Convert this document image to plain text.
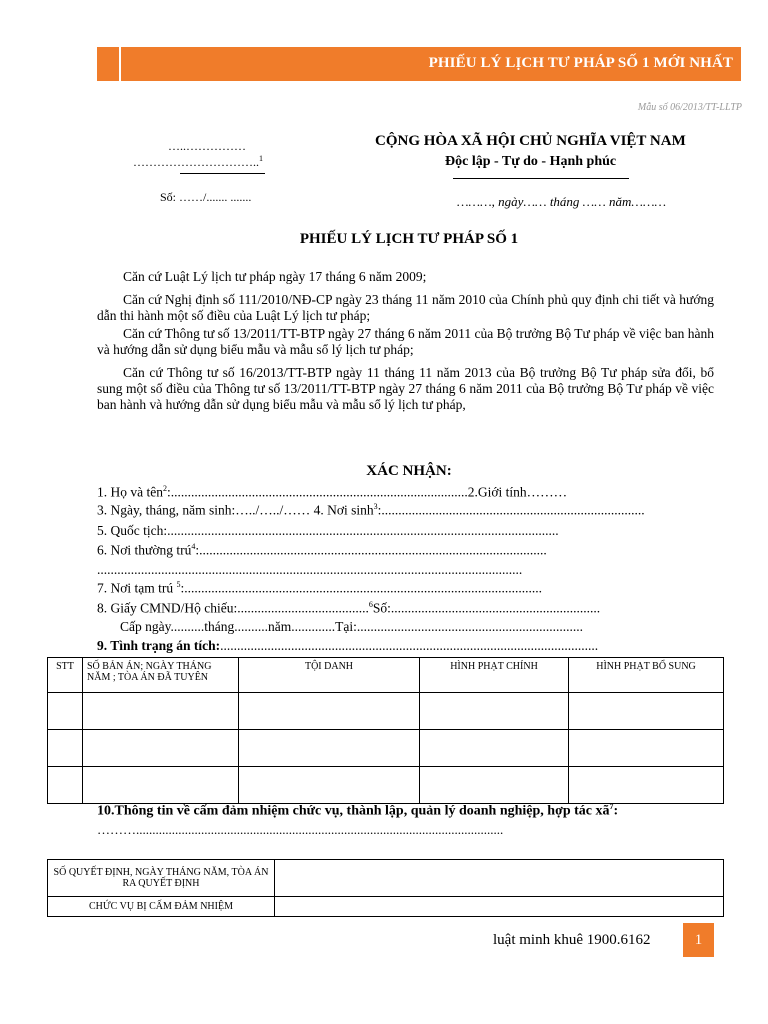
PHIẾU LÝ LỊCH TƯ PHÁP SỐ 1 MỚI NHẤT
Mẫu số 06/2013/TT-LLTP
…..……………
…………………………..$^1$
Số: ……/....... .......
CỘNG HÒA XÃ HỘI CHỦ NGHĨA VIỆT NAM
Độc lập - Tự do - Hạnh phúc
………, ngày…… tháng …… năm………
PHIẾU LÝ LỊCH TƯ PHÁP SỐ 1
Căn cứ Luật Lý lịch tư pháp ngày 17 tháng 6 năm 2009;
Căn cứ Nghị định số 111/2010/NĐ-CP ngày 23 tháng 11 năm 2010 của Chính phủ quy định chi tiết và hướng dẫn thi hành một số điều của Luật Lý lịch tư pháp;
Căn cứ Thông tư số 13/2011/TT-BTP ngày 27 tháng 6 năm 2011 của Bộ trưởng Bộ Tư pháp về việc ban hành và hướng dẫn sử dụng biểu mẫu và mẫu sổ lý lịch tư pháp;
Căn cứ Thông tư số 16/2013/TT-BTP ngày 11 tháng 11 năm 2013 của Bộ trưởng Bộ Tư pháp sửa đổi, bổ sung một số điều của Thông tư số 13/2011/TT-BTP ngày 27 tháng 6 năm 2011 của Bộ trưởng Bộ Tư pháp về việc ban hành và hướng dẫn sử dụng biểu mẫu và mẫu sổ lý lịch tư pháp,
XÁC NHẬN:
1. Họ và tên$^2$:........................................................................................2.Giới tính………
3. Ngày, tháng, năm sinh:…../…../…… 4. Nơi $\sinh^3$:..............................................................................
5. Quốc tịch:....................................................................................................................
6. Nơi thường trú$^4$:.......................................................................................................
..............................................................................................................................
7. Nơi tạm trú $^5$:..........................................................................................................
8. Giấy CMND/Hộ chiếu:.......................................$^6$Số:..............................................................
Cấp ngày..........tháng..........năm.............Tại:...................................................................
9. Tình trạng án tích:................................................................................................................
STT	SỐ BẢN ÁN; NGÀY THÁNG NĂM ; TÒA ÁN ĐÃ TUYÊN	TỘI DANH	HÌNH PHẠT CHÍNH	HÌNH PHẠT BỔ SUNG

10.Thông tin về cấm đảm nhiệm chức vụ, thành lập, quản lý doanh nghiệp, hợp tác $xã^7$:
……….................................................................................................................
SỐ QUYẾT ĐỊNH, NGÀY THÁNG NĂM, TÒA ÁN RA QUYẾT ĐỊNH	
CHỨC VỤ BỊ CẤM ĐẢM NHIỆM	
luật minh khuê 1900.6162	1
